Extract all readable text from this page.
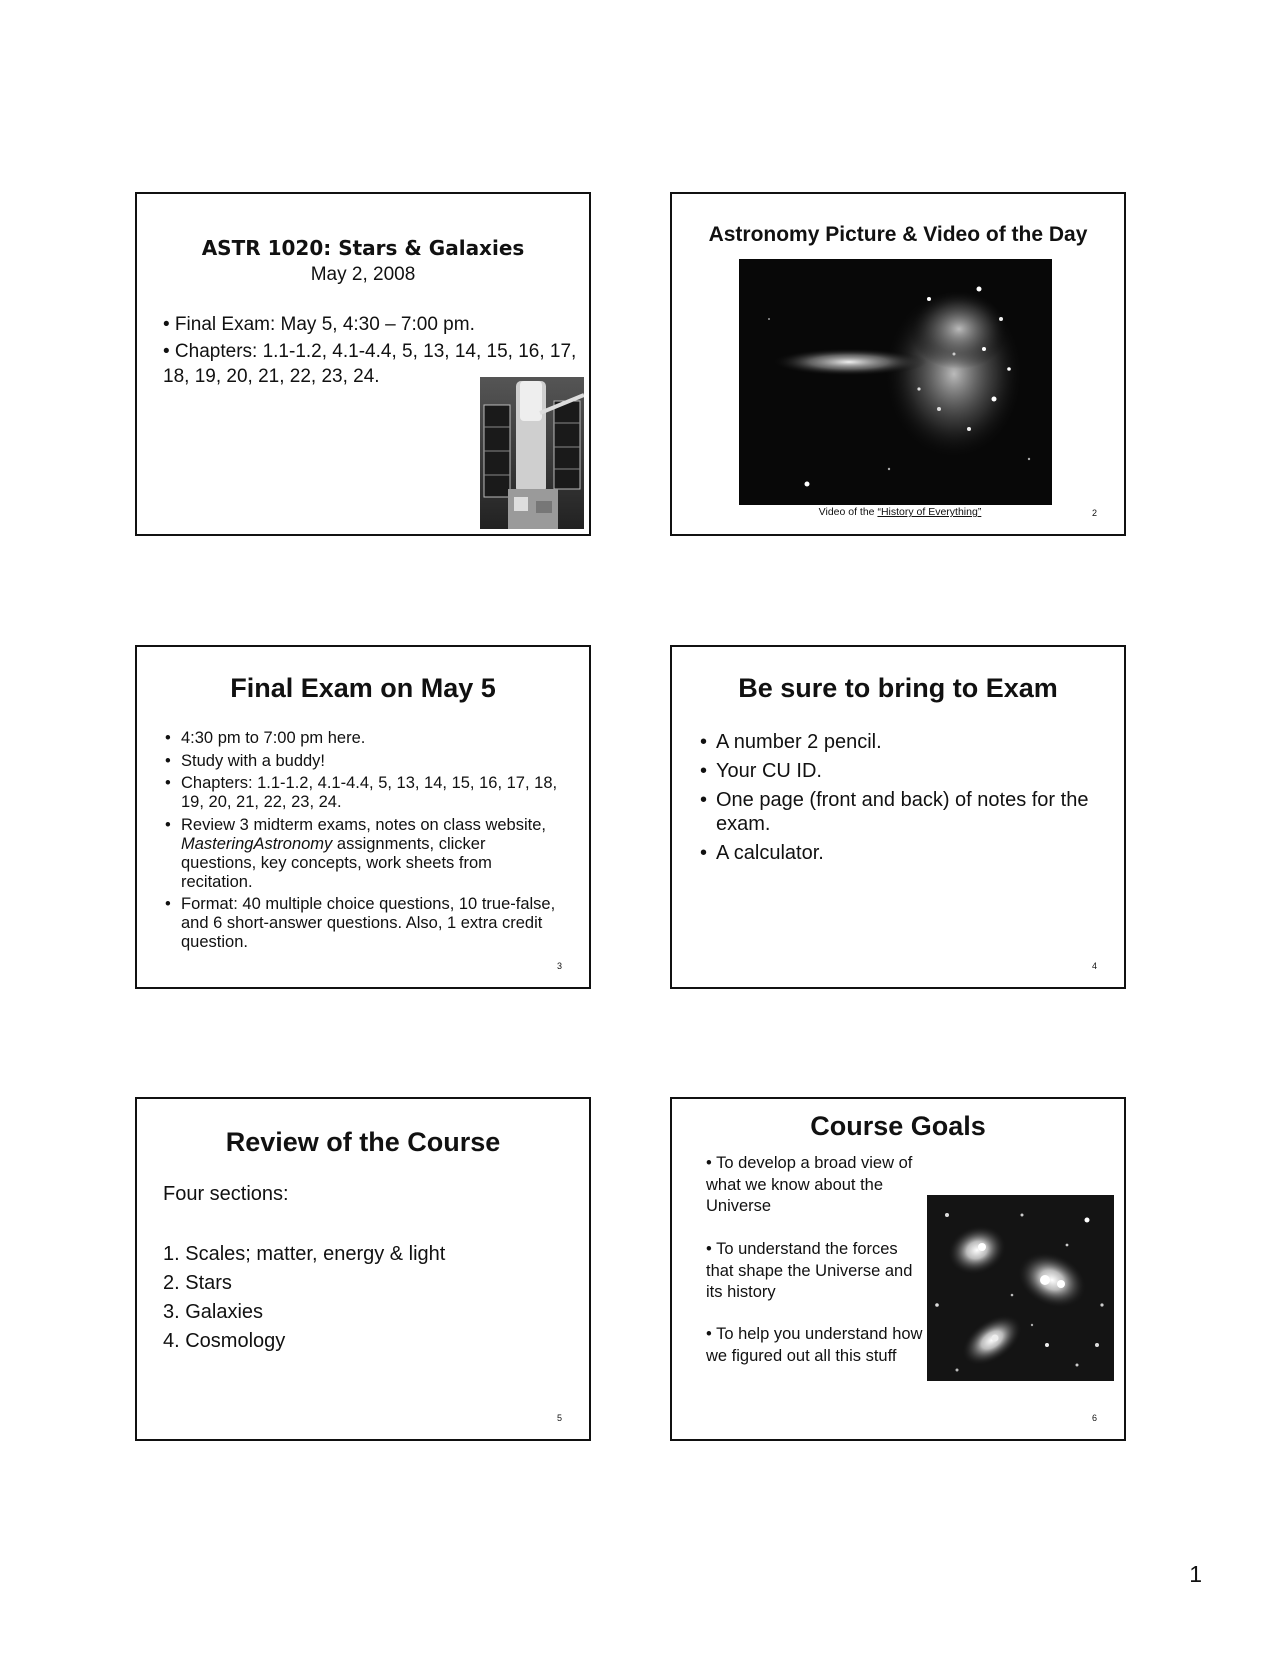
ASTR 1020: Stars & Galaxies
May 2, 2008
• Final Exam: May 5, 4:30 – 7:00 pm.
• Chapters: 1.1-1.2, 4.1-4.4, 5, 13, 14, 15, 16, 17, 18, 19, 20, 21, 22, 23, 24.
Astronomy Picture & Video of the Day
Video of the “History of Everything”	2
Final Exam on May 5
• 4:30 pm to 7:00 pm here.
• Study with a buddy!
• Chapters: 1.1-1.2, 4.1-4.4, 5, 13, 14, 15, 16, 17, 18, 19, 20, 21, 22, 23, 24.
• Review 3 midterm exams, notes on class website, MasteringAstronomy assignments, clicker questions, key concepts, work sheets from recitation.
• Format: 40 multiple choice questions, 10 true-false, and 6 short-answer questions. Also, 1 extra credit question.
3
Be sure to bring to Exam
• A number 2 pencil.
• Your CU ID.
• One page (front and back) of notes for the exam.
• A calculator.
4
Review of the Course
Four sections:
1. Scales; matter, energy & light
2. Stars
3. Galaxies
4. Cosmology
5
Course Goals
• To develop a broad view of what we know about the Universe
• To understand the forces that shape the Universe and its history
• To help you understand how we figured out all this stuff
6
1
